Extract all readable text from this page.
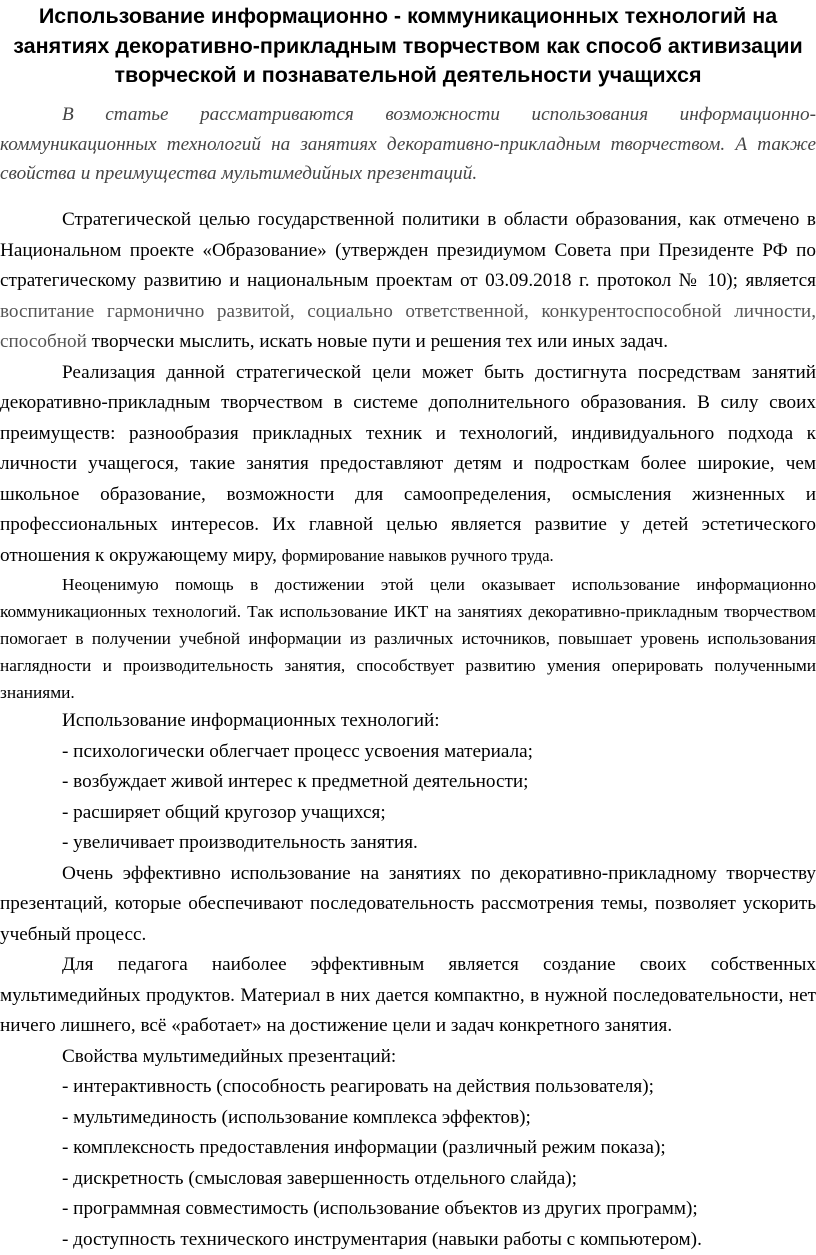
Использование информационно - коммуникационных технологий на занятиях декоративно-прикладным творчеством как способ активизации творческой и познавательной деятельности учащихся

В статье рассматриваются возможности использования информационно-коммуникационных технологий на занятиях декоративно-прикладным творчеством. А также свойства и преимущества мультимедийных презентаций.

Стратегической целью государственной политики в области образования, как отмечено в Национальном проекте «Образование» (утвержден президиумом Совета при Президенте РФ по стратегическому развитию и национальным проектам от 03.09.2018 г. протокол № 10); является воспитание гармонично развитой, социально ответственной, конкурентоспособной личности, способной творчески мыслить, искать новые пути и решения тех или иных задач.

Реализация данной стратегической цели может быть достигнута посредствам занятий декоративно-прикладным творчеством в системе дополнительного образования. В силу своих преимуществ: разнообразия прикладных техник и технологий, индивидуального подхода к личности учащегося, такие занятия предоставляют детям и подросткам более широкие, чем школьное образование, возможности для самоопределения, осмысления жизненных и профессиональных интересов. Их главной целью является развитие у детей эстетического отношения к окружающему миру, формирование навыков ручного труда.

Неоценимую помощь в достижении этой цели оказывает использование информационно коммуникационных технологий. Так использование ИКТ на занятиях декоративно-прикладным творчеством помогает в получении учебной информации из различных источников, повышает уровень использования наглядности и производительность занятия, способствует развитию умения оперировать полученными знаниями.

Использование информационных технологий:

- психологически облегчает процесс усвоения материала;

- возбуждает живой интерес к предметной деятельности;

- расширяет общий кругозор учащихся;

- увеличивает производительность занятия.

Очень эффективно использование на занятиях по декоративно-прикладному творчеству презентаций, которые обеспечивают последовательность рассмотрения темы, позволяет ускорить учебный процесс.

Для педагога наиболее эффективным является создание своих собственных мультимедийных продуктов. Материал в них дается компактно, в нужной последовательности, нет ничего лишнего, всё «работает» на достижение цели и задач конкретного занятия.

Свойства мультимедийных презентаций:

- интерактивность (способность реагировать на действия пользователя);

- мультимединость (использование комплекса эффектов);

- комплексность предоставления информации (различный режим показа);

- дискретность (смысловая завершенность отдельного слайда);

- программная совместимость (использование объектов из других программ);

- доступность технического инструментария (навыки работы с компьютером).
